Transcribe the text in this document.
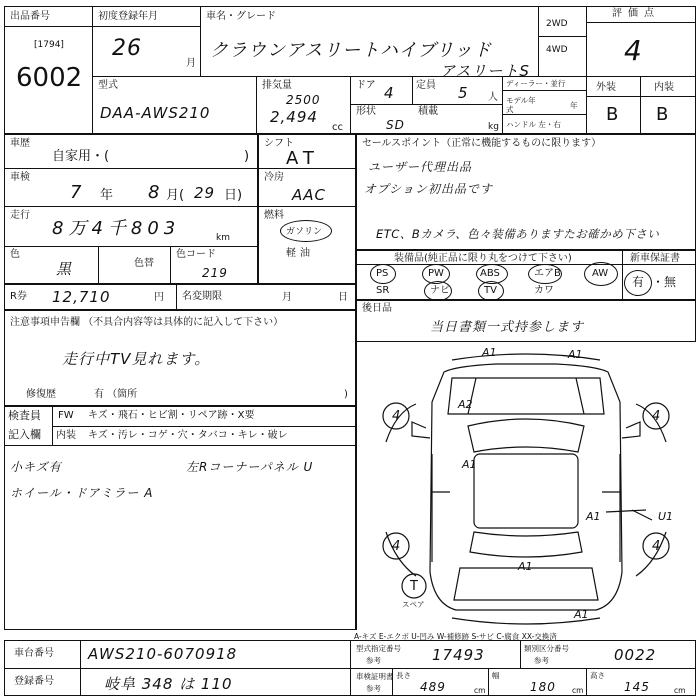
出品番号
[1794]
6002
初度登録年月
26
月
車名・グレード
クラウンアスリートハイブリッド
アスリートS
2WD
4WD
評価点
4
型式
DAA-AWS210
排気量
2500
2,494
cc
ドア 4 定員 5 人
形状
SD
積載
kg
ディーラー・並行
モデル年式	年
ハンドル 左・右
外装	内装
B B
車歴
自家用・(	)
車検
7 年 8 月( 29 日)
走行
8万4千803	km
色
黒	色替
色コード
219
シフト
AT
冷房
AAC
燃料
ガソリン
軽油
セールスポイント（正常に機能するものに限ります）
ユーザー代理出品
オプション初出品です
ETC、Bカメラ、色々装備ありますたお確かめ下さい
装備品(純正品に限り丸をつけて下さい)	新車保証書
PS	PW	ABS	エアB	AW
SR	ナビ	TV	カワ
有 ・無
R券 12,710	円 名変期限	月	日
後日品
当日書類一式持参します
注意事項申告欄 （不具合内容等は具体的に記入して下さい）
走行中TV見れます。
修復歴	有 （箇所	)
検査員
記入欄
FW キズ・飛石・ヒビ割・リペア跡・X要
内装 キズ・汚レ・コゲ・穴・タバコ・キレ・破レ
小キズ有
ホイール・ドアミラー A
左Rコーナーパネル U
A1	A1
A2
A1
A1	U1
A1
A1
4	4
4	4
T
スペア
A-キズ E-エクボ U-凹み W-補修跡 S-サビ C-腐食 XX-交換済
車台番号 AWS210-6070918
登録番号	岐阜 348 は 110
型式指定番号
参考	17493	類別区分番号
参考	0022
車検証明書
参考
長さ
489	cm
幅
180 cm
高さ
145	cm
